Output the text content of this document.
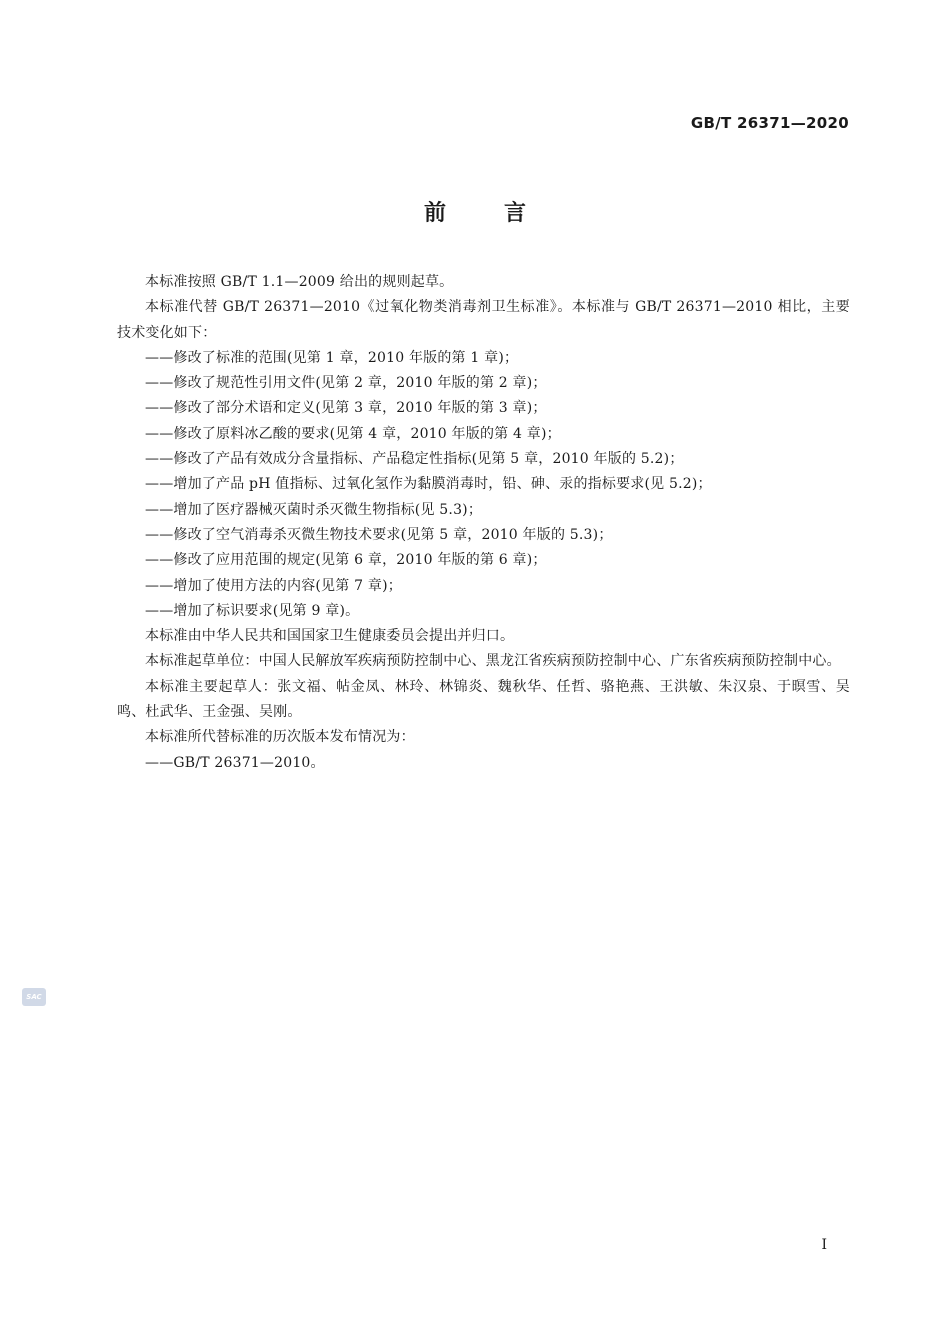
GB/T 26371—2020
前言

本标准按照 GB/T 1.1—2009 给出的规则起草。

本标准代替 GB/T 26371—2010《过氧化物类消毒剂卫生标准》。本标准与 GB/T 26371—2010 相比，主要技术变化如下：

——修改了标准的范围(见第 1 章，2010 年版的第 1 章)；

——修改了规范性引用文件(见第 2 章，2010 年版的第 2 章)；

——修改了部分术语和定义(见第 3 章，2010 年版的第 3 章)；

——修改了原料冰乙酸的要求(见第 4 章，2010 年版的第 4 章)；

——修改了产品有效成分含量指标、产品稳定性指标(见第 5 章，2010 年版的 5.2)；

——增加了产品 pH 值指标、过氧化氢作为黏膜消毒时，铅、砷、汞的指标要求(见 5.2)；

——增加了医疗器械灭菌时杀灭微生物指标(见 5.3)；

——修改了空气消毒杀灭微生物技术要求(见第 5 章，2010 年版的 5.3)；

——修改了应用范围的规定(见第 6 章，2010 年版的第 6 章)；

——增加了使用方法的内容(见第 7 章)；

——增加了标识要求(见第 9 章)。

本标准由中华人民共和国国家卫生健康委员会提出并归口。

本标准起草单位：中国人民解放军疾病预防控制中心、黑龙江省疾病预防控制中心、广东省疾病预防控制中心。

本标准主要起草人：张文福、帖金凤、林玲、林锦炎、魏秋华、任哲、骆艳燕、王洪敏、朱汉泉、于暝雪、吴鸣、杜武华、王金强、吴刚。

本标准所代替标准的历次版本发布情况为：

——GB/T 26371—2010。

SAC
I
